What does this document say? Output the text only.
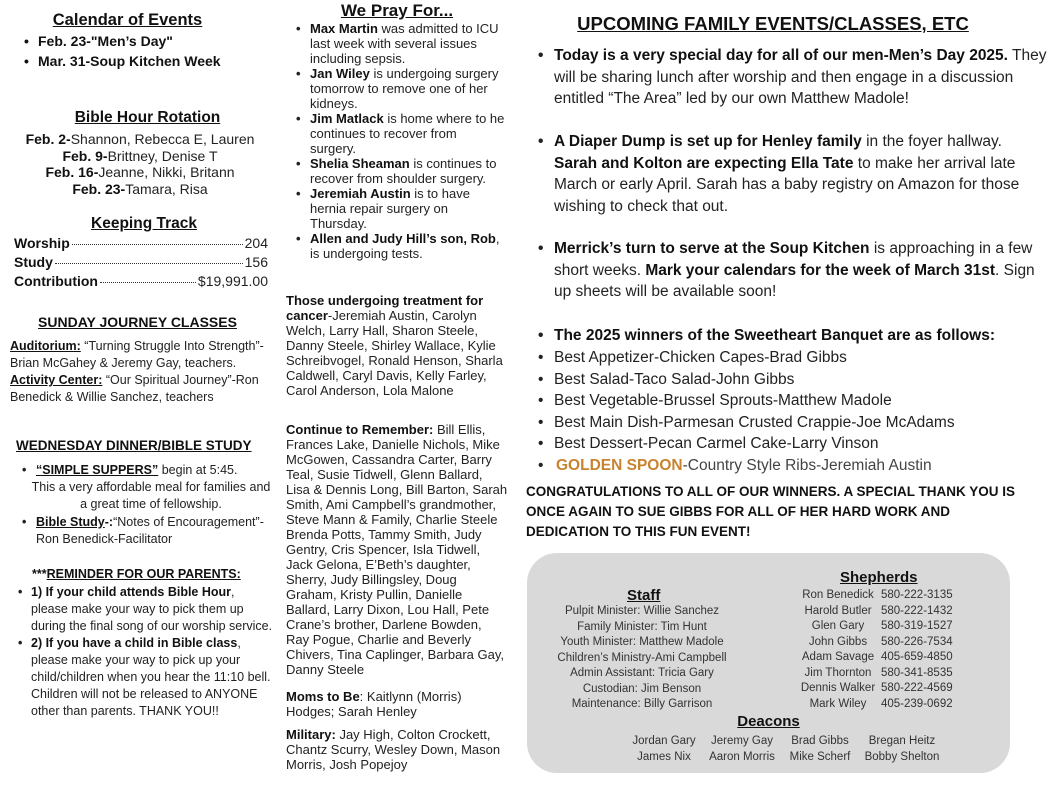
Calendar of Events
• Feb. 23-"Men’s Day"
• Mar. 31-Soup Kitchen Week
Bible Hour Rotation
Feb. 2-Shannon, Rebecca E, Lauren
Feb. 9-Brittney, Denise T
Feb. 16-Jeanne, Nikki, Britann
Feb. 23-Tamara, Risa
Keeping Track
Worship	204
Study	156
Contribution	$19,991.00
SUNDAY JOURNEY CLASSES
Auditorium: “Turning Struggle Into Strength”-Brian McGahey & Jeremy Gay, teachers.
Activity Center: “Our Spiritual Journey”-Ron Benedick & Willie Sanchez, teachers
WEDNESDAY DINNER/BIBLE STUDY
• “SIMPLE SUPPERS” begin at 5:45.
This a very affordable meal for families and a great time of fellowship.
• Bible Study-:“Notes of Encouragement”-Ron Benedick-Facilitator
***REMINDER FOR OUR PARENTS:
• 1) If your child attends Bible Hour, please make your way to pick them up during the final song of our worship service.
• 2) If you have a child in Bible class, please make your way to pick up your child/children when you hear the 11:10 bell. Children will not be released to ANYONE other than parents. THANK YOU!!
We Pray For...
• Max Martin was admitted to ICU last week with several issues including sepsis.
• Jan Wiley is undergoing surgery tomorrow to remove one of her kidneys.
• Jim Matlack is home where to he continues to recover from surgery.
• Shelia Sheaman is continues to recover from shoulder surgery.
• Jeremiah Austin is to have hernia repair surgery on Thursday.
• Allen and Judy Hill’s son, Rob, is undergoing tests.
Those undergoing treatment for cancer-Jeremiah Austin, Carolyn Welch, Larry Hall, Sharon Steele, Danny Steele, Shirley Wallace, Kylie Schreibvogel, Ronald Henson, Sharla Caldwell, Caryl Davis, Kelly Farley, Carol Anderson, Lola Malone
Continue to Remember: Bill Ellis, Frances Lake, Danielle Nichols, Mike McGowen, Cassandra Carter, Barry Teal, Susie Tidwell, Glenn Ballard, Lisa & Dennis Long, Bill Barton, Sarah Smith, Ami Campbell’s grandmother, Steve Mann & Family, Charlie Steele Brenda Potts, Tammy Smith, Judy Gentry, Cris Spencer, Isla Tidwell, Jack Gelona, E’Beth’s daughter, Sherry, Judy Billingsley, Doug Graham, Kristy Pullin, Danielle Ballard, Larry Dixon, Lou Hall, Pete Crane’s brother, Darlene Bowden, Ray Pogue, Charlie and Beverly Chivers, Tina Caplinger, Barbara Gay, Danny Steele
Moms to Be: Kaitlynn (Morris) Hodges; Sarah Henley
Military: Jay High, Colton Crockett, Chantz Scurry, Wesley Down, Mason Morris, Josh Popejoy
UPCOMING FAMILY EVENTS/CLASSES, ETC

• Today is a very special day for all of our men-Men’s Day 2025. They will be sharing lunch after worship and then engage in a discussion entitled “The Area” led by our own Matthew Madole!

• A Diaper Dump is set up for Henley family in the foyer hallway. Sarah and Kolton are expecting Ella Tate to make her arrival late March or early April. Sarah has a baby registry on Amazon for those wishing to check that out.

• Merrick’s turn to serve at the Soup Kitchen is approaching in a few short weeks. Mark your calendars for the week of March 31st. Sign up sheets will be available soon!

• The 2025 winners of the Sweetheart Banquet are as follows:

• Best Appetizer-Chicken Capes-Brad Gibbs
• Best Salad-Taco Salad-John Gibbs
• Best Vegetable-Brussel Sprouts-Matthew Madole
• Best Main Dish-Parmesan Crusted Crappie-Joe McAdams
• Best Dessert-Pecan Carmel Cake-Larry Vinson
• GOLDEN SPOON-Country Style Ribs-Jeremiah Austin

CONGRATULATIONS TO ALL OF OUR WINNERS. A SPECIAL THANK YOU IS ONCE AGAIN TO SUE GIBBS FOR ALL OF HER HARD WORK AND DEDICATION TO THIS FUN EVENT!

Staff
Pulpit Minister: Willie Sanchez
Family Minister: Tim Hunt
Youth Minister: Matthew Madole
Children’s Ministry-Ami Campbell
Admin Assistant: Tricia Gary
Custodian: Jim Benson
Maintenance: Billy Garrison
Shepherds
Ron Benedick 580-222-3135
Harold Butler 580-222-1432
Glen Gary	580-319-1527
John Gibbs	580-226-7534
Adam Savage 405-659-4850
Jim Thornton 580-341-8535
Dennis Walker 580-222-4569
Mark Wiley	405-239-0692
Deacons
Jordan Gary	Jeremy Gay	Brad Gibbs	Bregan Heitz
James Nix	Aaron Morris	Mike Scherf	Bobby Shelton
